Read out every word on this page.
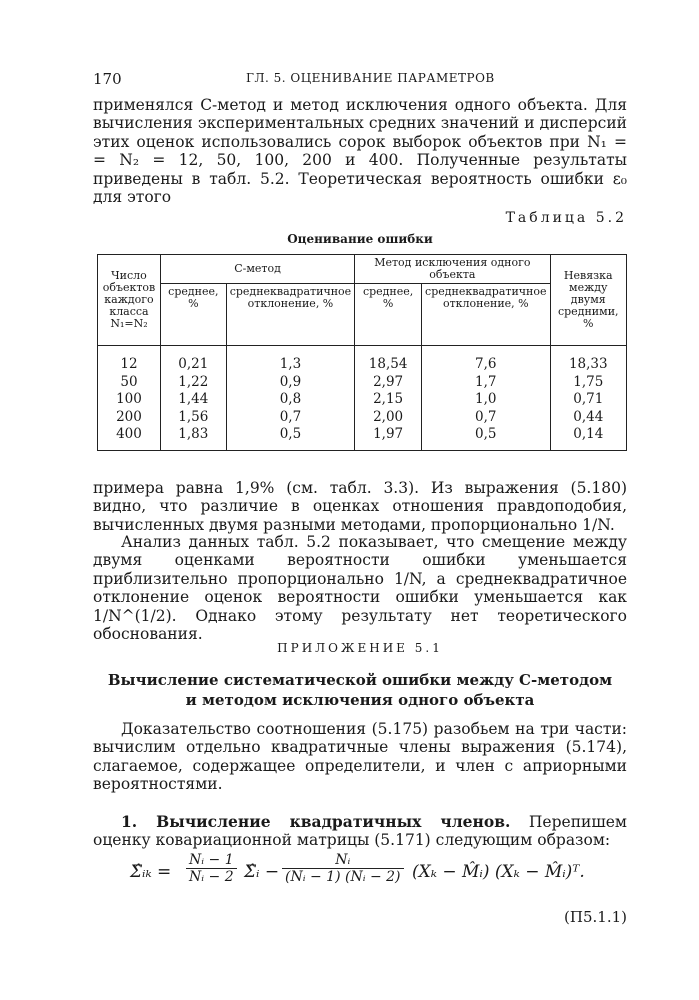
170	ГЛ. 5. ОЦЕНИВАНИЕ ПАРАМЕТРОВ
применялся C-метод и метод исключения одного объекта. Для вычисления экспериментальных средних значений и дисперсий этих оценок использовались сорок выборок объектов при N₁ = = N₂ = 12, 50, 100, 200 и 400. Полученные результаты приведены в табл. 5.2. Теоретическая вероятность ошибки ε₀ для этого
Таблица 5.2
Оценивание ошибки
Число объектов каждого класса N₁=N₂	C-метод		Метод исключения одного объекта		Невязка между двумя средними, %
	среднее, %	среднеквадратичное отклонение, %	среднее, %	среднеквадратичное отклонение, %	
12	0,21	1,3	18,54	7,6	18,33
50	1,22	0,9	2,97	1,7	1,75
100	1,44	0,8	2,15	1,0	0,71
200	1,56	0,7	2,00	0,7	0,44
400	1,83	0,5	1,97	0,5	0,14
примера равна 1,9% (см. табл. 3.3). Из выражения (5.180) видно, что различие в оценках отношения правдоподобия, вычисленных двумя разными методами, пропорционально 1/N.
Анализ данных табл. 5.2 показывает, что смещение между двумя оценками вероятности ошибки уменьшается приблизительно пропорционально 1/N, а среднеквадратичное отклонение оценок вероятности ошибки уменьшается как 1/N^(1/2). Однако этому результату нет теоретического обоснования.
ПРИЛОЖЕНИЕ 5.1
Вычисление систематической ошибки между C-методом
и методом исключения одного объекта
Доказательство соотношения (5.175) разобьем на три части: вычислим отдельно квадратичные члены выражения (5.174), слагаемое, содержащее определители, и член с априорными вероятностями.
1. Вычисление квадратичных членов. Перепишем оценку ковариационной матрицы (5.171) следующим образом:
Σ̂ᵢₖ = $\frac{\text{Nᵢ − 1}}{\text{Nᵢ − 2}}$ Σ̂ᵢ − $\frac{\text{Nᵢ}}{\text{(Nᵢ − 1) (Nᵢ − 2)}} (X_k$ − M̂ᵢ) (Xₖ − M̂ᵢ)ᵀ.
(П5.1.1)
